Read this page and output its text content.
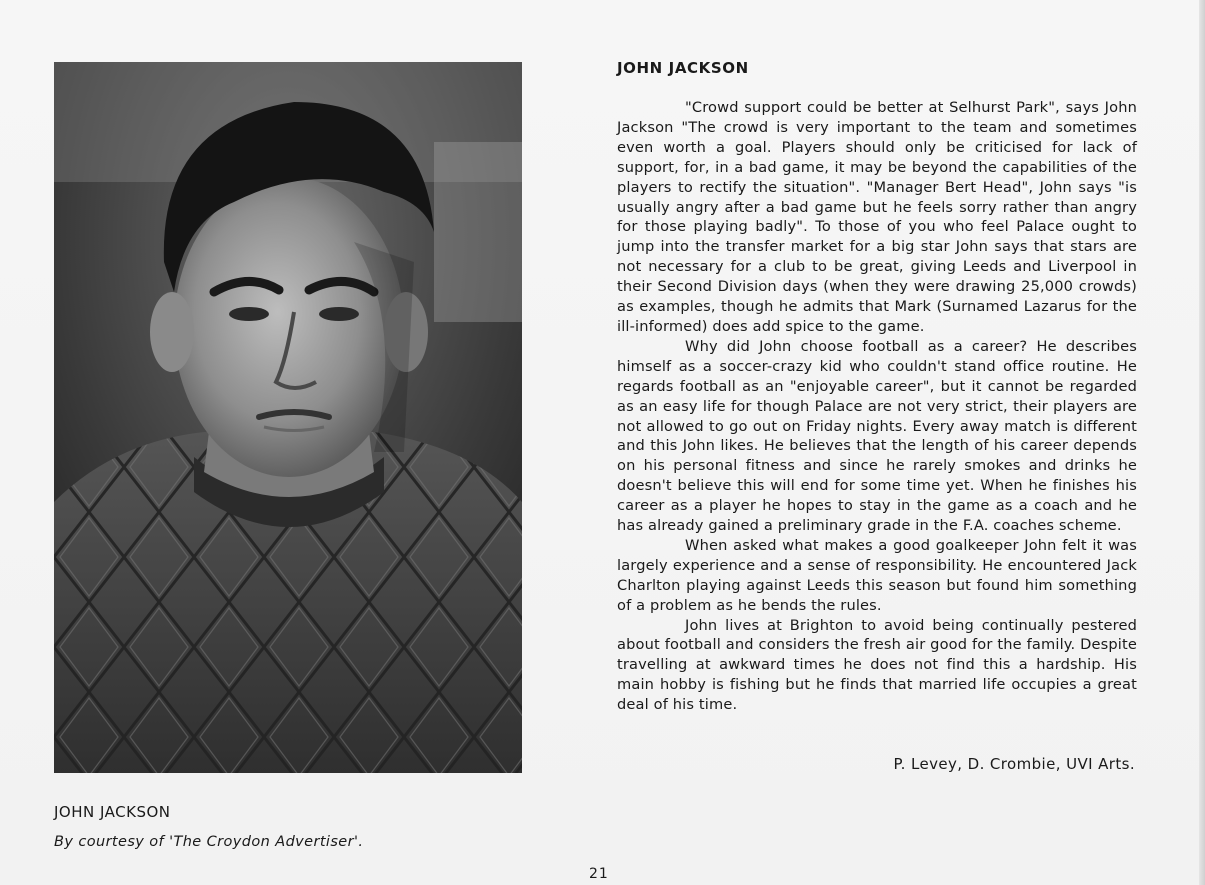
JOHN JACKSON
By courtesy of 'The Croydon Advertiser'.
JOHN JACKSON

"Crowd support could be better at Selhurst Park", says John Jackson "The crowd is very important to the team and sometimes even worth a goal. Players should only be criticised for lack of support, for, in a bad game, it may be beyond the capabilities of the players to rectify the situation". "Manager Bert Head", John says "is usually angry after a bad game but he feels sorry rather than angry for those playing badly". To those of you who feel Palace ought to jump into the transfer market for a big star John says that stars are not necessary for a club to be great, giving Leeds and Liverpool in their Second Division days (when they were drawing 25,000 crowds) as examples, though he admits that Mark (Surnamed Lazarus for the ill-informed) does add spice to the game.

Why did John choose football as a career? He describes himself as a soccer-crazy kid who couldn't stand office routine. He regards football as an "enjoyable career", but it cannot be regarded as an easy life for though Palace are not very strict, their players are not allowed to go out on Friday nights. Every away match is different and this John likes. He believes that the length of his career depends on his personal fitness and since he rarely smokes and drinks he doesn't believe this will end for some time yet. When he finishes his career as a player he hopes to stay in the game as a coach and he has already gained a preliminary grade in the F.A. coaches scheme.

When asked what makes a good goalkeeper John felt it was largely experience and a sense of responsibility. He encountered Jack Charlton playing against Leeds this season but found him something of a problem as he bends the rules.

John lives at Brighton to avoid being continually pestered about football and considers the fresh air good for the family. Despite travelling at awkward times he does not find this a hardship. His main hobby is fishing but he finds that married life occupies a great deal of his time.

P. Levey, D. Crombie, UVI Arts.
21
